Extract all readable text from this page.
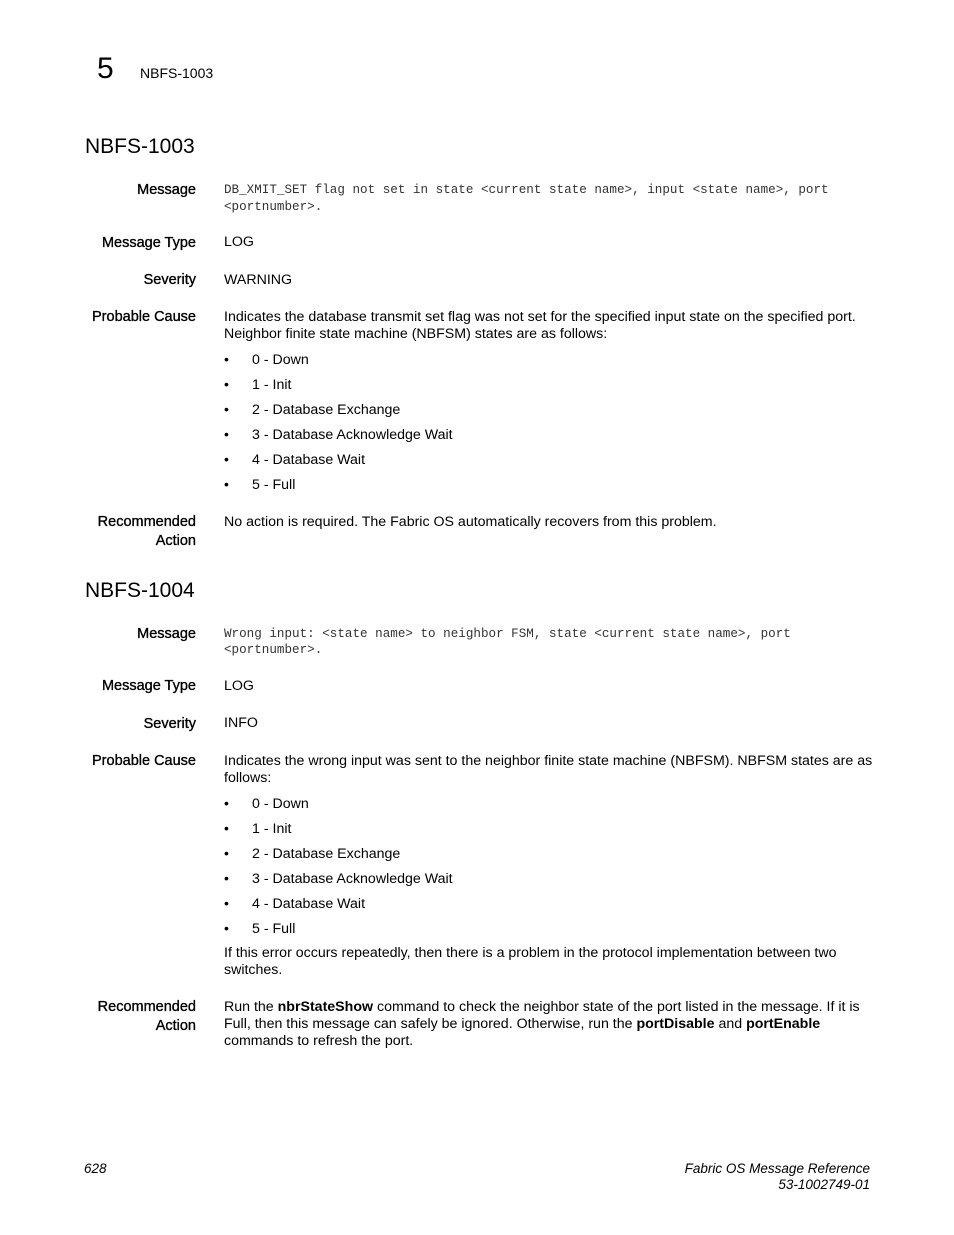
5 NBFS-1003
NBFS-1003
Message DB_XMIT_SET flag not set in state <current state name>, input <state name>, port
<portnumber>.
Message Type LOG
Severity WARNING
Probable Cause Indicates the database transmit set flag was not set for the specified input state on the specified port.
Neighbor finite state machine (NBFSM) states are as follows:
• 0 - Down
• 1 - Init
• 2 - Database Exchange
• 3 - Database Acknowledge Wait
• 4 - Database Wait
• 5 - Full
Recommended
Action
No action is required. The Fabric OS automatically recovers from this problem.
NBFS-1004
Message Wrong input: <state name> to neighbor FSM, state <current state name>, port
<portnumber>.
Message Type LOG
Severity INFO
Probable Cause Indicates the wrong input was sent to the neighbor finite state machine (NBFSM). NBFSM states are as
follows:
• 0 - Down
• 1 - Init
• 2 - Database Exchange
• 3 - Database Acknowledge Wait
• 4 - Database Wait
• 5 - Full
If this error occurs repeatedly, then there is a problem in the protocol implementation between two
switches.
Recommended
Action
Run the nbrStateShow command to check the neighbor state of the port listed in the message. If it is
Full, then this message can safely be ignored. Otherwise, run the portDisable and portEnable
commands to refresh the port.
628	Fabric OS Message Reference
53-1002749-01
